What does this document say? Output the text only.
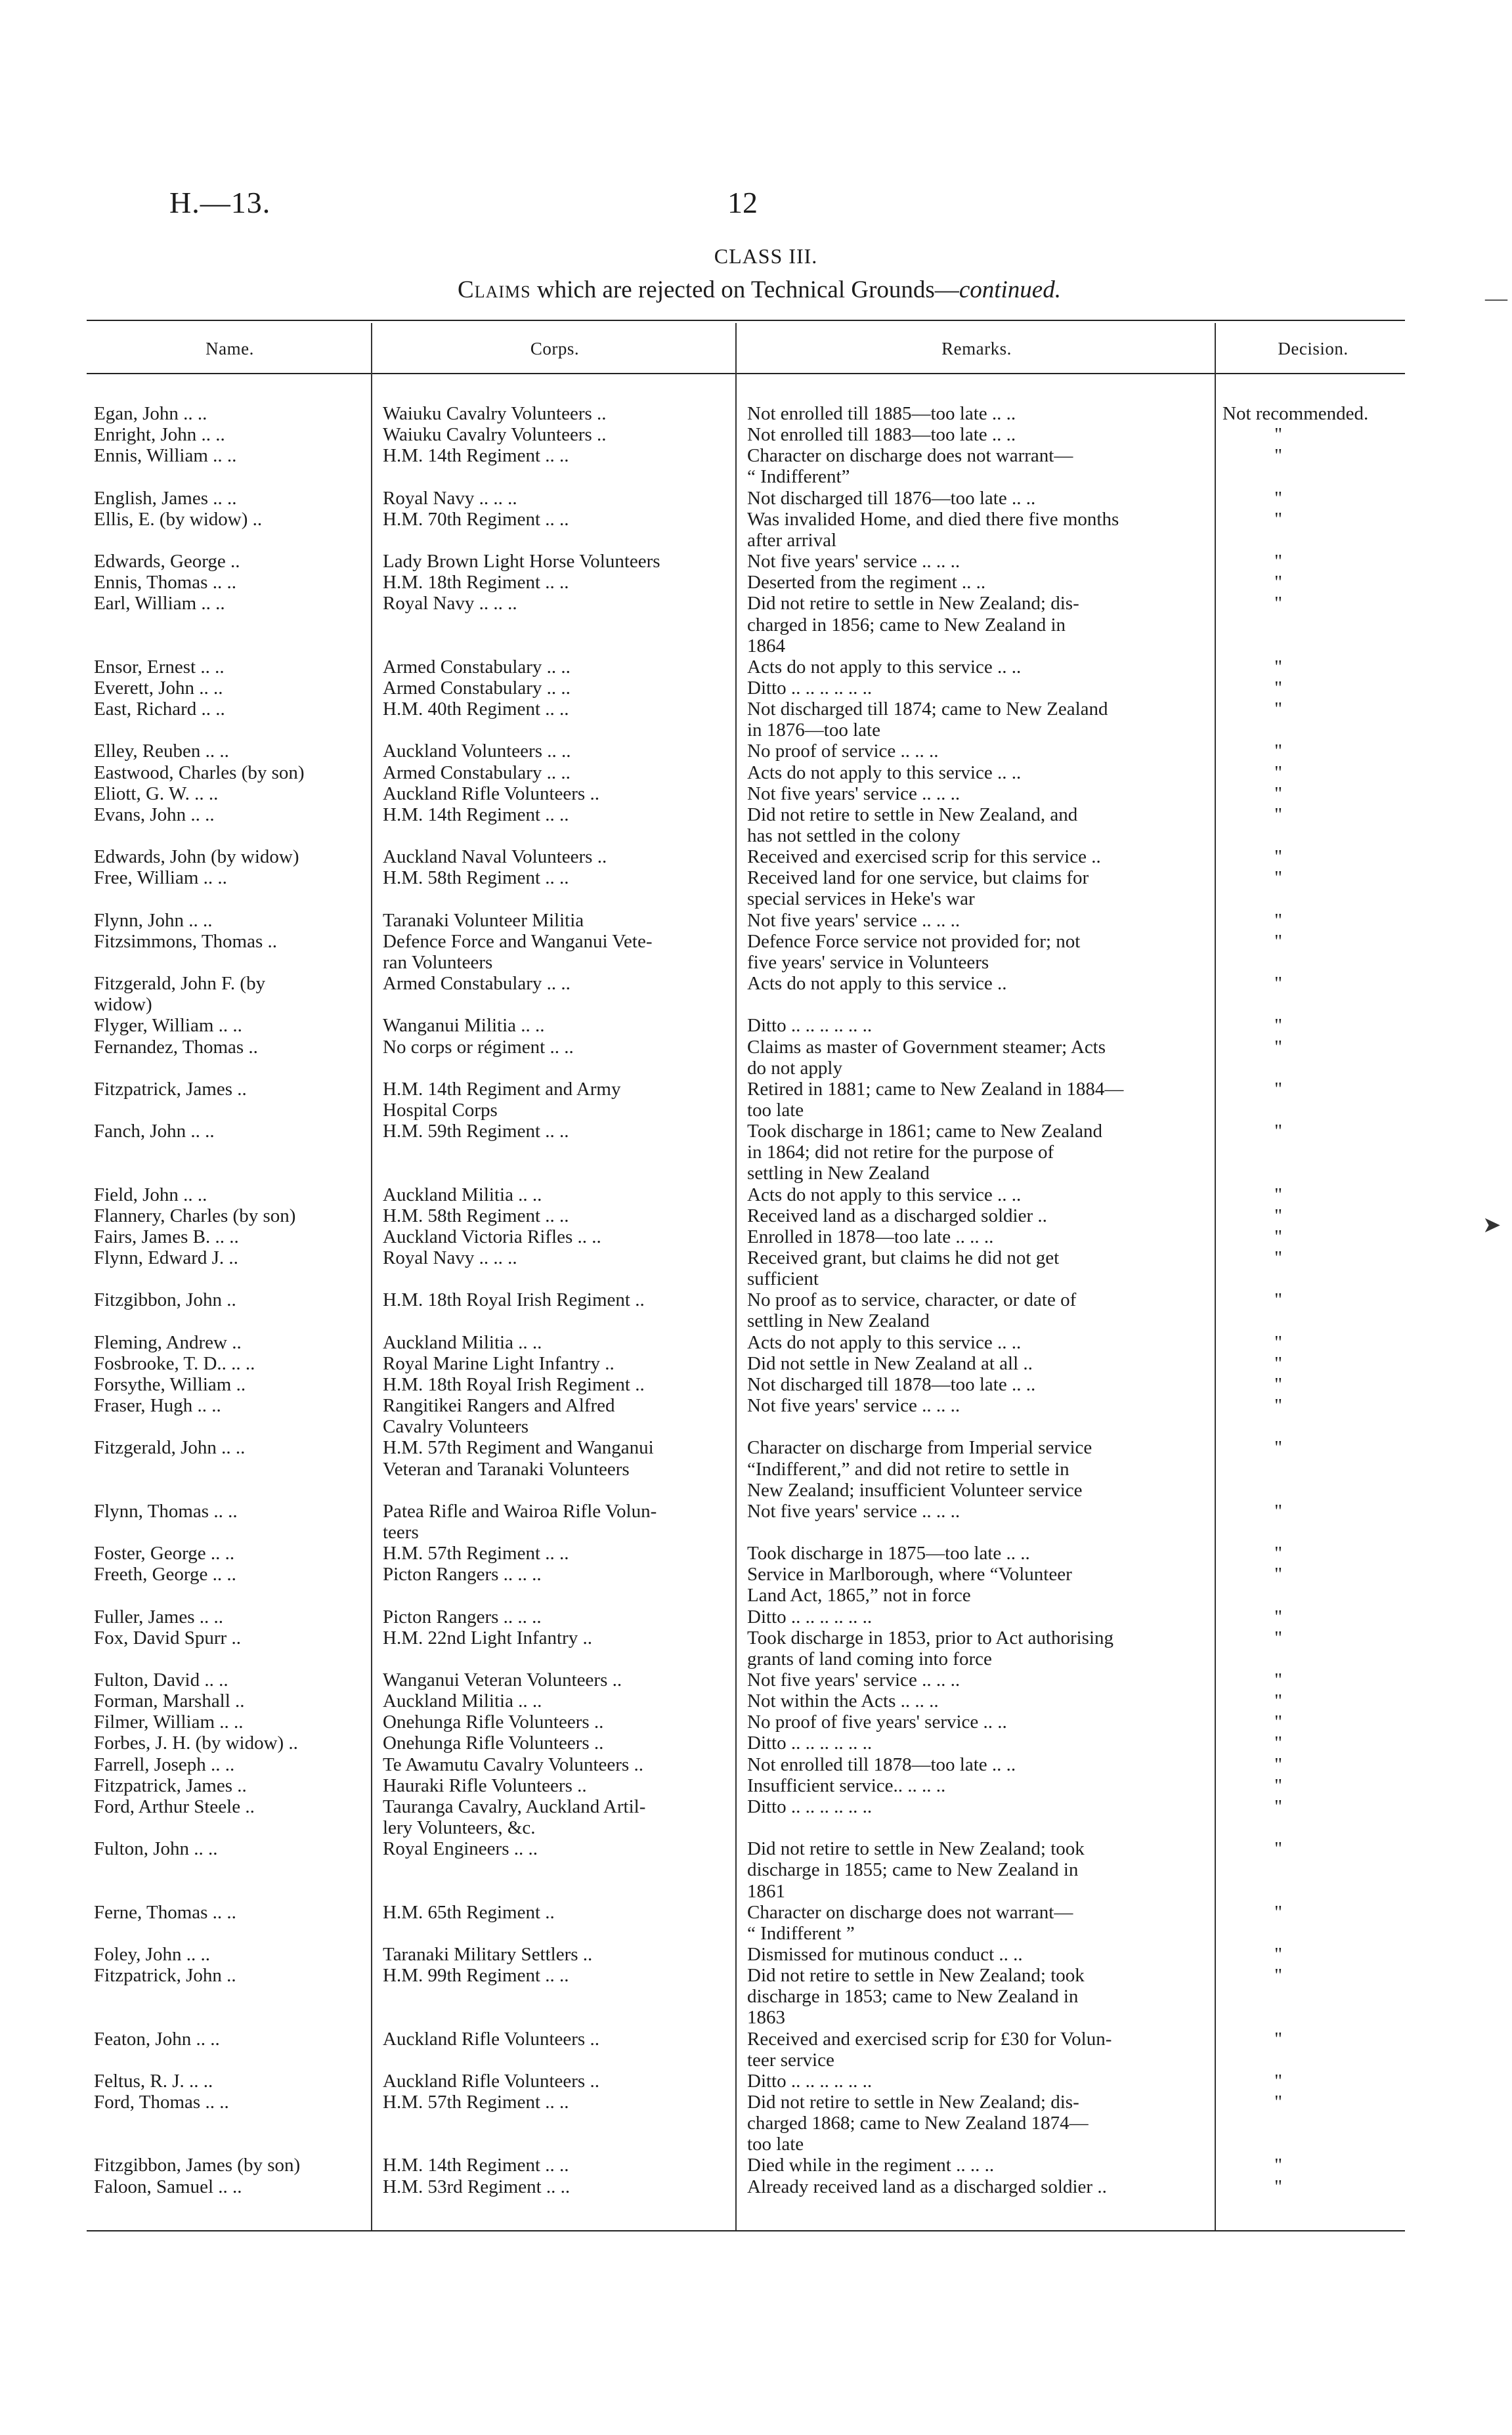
H.—13.	12
CLASS III.
Claims which are rejected on Technical Grounds—continued.
Name.	Corps.	Remarks.	Decision.
Egan, John .. ..	Waiuku Cavalry Volunteers ..	Not enrolled till 1885—too late .. ..	Not recommended.
Enright, John .. ..	Waiuku Cavalry Volunteers ..	Not enrolled till 1883—too late .. ..	"
Ennis, William .. ..	H.M. 14th Regiment .. ..	Character on discharge does not warrant—	"
“ Indifferent”
English, James .. ..	Royal Navy .. .. ..	Not discharged till 1876—too late .. ..	"
Ellis, E. (by widow) ..	H.M. 70th Regiment .. ..	Was invalided Home, and died there five months	"
after arrival
Edwards, George ..	Lady Brown Light Horse Volunteers	Not five years' service .. .. ..	"
Ennis, Thomas .. ..	H.M. 18th Regiment .. ..	Deserted from the regiment .. ..	"
Earl, William .. ..	Royal Navy .. .. ..	Did not retire to settle in New Zealand; dis-	"
charged in 1856; came to New Zealand in
1864
Ensor, Ernest .. ..	Armed Constabulary .. ..	Acts do not apply to this service .. ..	"
Everett, John .. ..	Armed Constabulary .. ..	Ditto .. .. .. .. .. ..	"
East, Richard .. ..	H.M. 40th Regiment .. ..	Not discharged till 1874; came to New Zealand	"
in 1876—too late
Elley, Reuben .. ..	Auckland Volunteers .. ..	No proof of service .. .. ..	"
Eastwood, Charles (by son)	Armed Constabulary .. ..	Acts do not apply to this service .. ..	"
Eliott, G. W. .. ..	Auckland Rifle Volunteers ..	Not five years' service .. .. ..	"
Evans, John .. ..	H.M. 14th Regiment .. ..	Did not retire to settle in New Zealand, and	"
has not settled in the colony
Edwards, John (by widow)	Auckland Naval Volunteers ..	Received and exercised scrip for this service ..	"
Free, William .. ..	H.M. 58th Regiment .. ..	Received land for one service, but claims for	"
special services in Heke's war
Flynn, John .. ..	Taranaki Volunteer Militia	Not five years' service .. .. ..	"
Fitzsimmons, Thomas ..	Defence Force and Wanganui Vete-	Defence Force service not provided for; not	"
ran Volunteers	five years' service in Volunteers
Fitzgerald, John F. (by	Armed Constabulary .. ..	Acts do not apply to this service ..	"
widow)
Flyger, William .. ..	Wanganui Militia .. ..	Ditto .. .. .. .. .. ..	"
Fernandez, Thomas ..	No corps or régiment .. ..	Claims as master of Government steamer; Acts	"
do not apply
Fitzpatrick, James ..	H.M. 14th Regiment and Army	Retired in 1881; came to New Zealand in 1884—	"
Hospital Corps	too late
Fanch, John .. ..	H.M. 59th Regiment .. ..	Took discharge in 1861; came to New Zealand	"
in 1864; did not retire for the purpose of
settling in New Zealand
Field, John .. ..	Auckland Militia .. ..	Acts do not apply to this service .. ..	"
Flannery, Charles (by son)	H.M. 58th Regiment .. ..	Received land as a discharged soldier ..	"
Fairs, James B. .. ..	Auckland Victoria Rifles .. ..	Enrolled in 1878—too late .. .. ..	"
Flynn, Edward J. ..	Royal Navy .. .. ..	Received grant, but claims he did not get	"
sufficient
Fitzgibbon, John ..	H.M. 18th Royal Irish Regiment ..	No proof as to service, character, or date of	"
settling in New Zealand
Fleming, Andrew ..	Auckland Militia .. ..	Acts do not apply to this service .. ..	"
Fosbrooke, T. D.. .. ..	Royal Marine Light Infantry ..	Did not settle in New Zealand at all ..	"
Forsythe, William ..	H.M. 18th Royal Irish Regiment ..	Not discharged till 1878—too late .. ..	"
Fraser, Hugh .. ..	Rangitikei Rangers and Alfred	Not five years' service .. .. ..	"
Cavalry Volunteers
Fitzgerald, John .. ..	H.M. 57th Regiment and Wanganui	Character on discharge from Imperial service	"
Veteran and Taranaki Volunteers	“Indifferent,” and did not retire to settle in
New Zealand; insufficient Volunteer service
Flynn, Thomas .. ..	Patea Rifle and Wairoa Rifle Volun-	Not five years' service .. .. ..	"
teers
Foster, George .. ..	H.M. 57th Regiment .. ..	Took discharge in 1875—too late .. ..	"
Freeth, George .. ..	Picton Rangers .. .. ..	Service in Marlborough, where “Volunteer	"
Land Act, 1865,” not in force
Fuller, James .. ..	Picton Rangers .. .. ..	Ditto .. .. .. .. .. ..	"
Fox, David Spurr ..	H.M. 22nd Light Infantry ..	Took discharge in 1853, prior to Act authorising	"
grants of land coming into force
Fulton, David .. ..	Wanganui Veteran Volunteers ..	Not five years' service .. .. ..	"
Forman, Marshall ..	Auckland Militia .. ..	Not within the Acts .. .. ..	"
Filmer, William .. ..	Onehunga Rifle Volunteers ..	No proof of five years' service .. ..	"
Forbes, J. H. (by widow) ..	Onehunga Rifle Volunteers ..	Ditto .. .. .. .. .. ..	"
Farrell, Joseph .. ..	Te Awamutu Cavalry Volunteers ..	Not enrolled till 1878—too late .. ..	"
Fitzpatrick, James ..	Hauraki Rifle Volunteers ..	Insufficient service.. .. .. ..	"
Ford, Arthur Steele ..	Tauranga Cavalry, Auckland Artil-	Ditto .. .. .. .. .. ..	"
lery Volunteers, &c.
Fulton, John .. ..	Royal Engineers .. ..	Did not retire to settle in New Zealand; took	"
discharge in 1855; came to New Zealand in
1861
Ferne, Thomas .. ..	H.M. 65th Regiment ..	Character on discharge does not warrant—	"
“ Indifferent ”
Foley, John .. ..	Taranaki Military Settlers ..	Dismissed for mutinous conduct .. ..	"
Fitzpatrick, John ..	H.M. 99th Regiment .. ..	Did not retire to settle in New Zealand; took	"
discharge in 1853; came to New Zealand in
1863
Featon, John .. ..	Auckland Rifle Volunteers ..	Received and exercised scrip for £30 for Volun-	"
teer service
Feltus, R. J. .. ..	Auckland Rifle Volunteers ..	Ditto .. .. .. .. .. ..	"
Ford, Thomas .. ..	H.M. 57th Regiment .. ..	Did not retire to settle in New Zealand; dis-	"
charged 1868; came to New Zealand 1874—
too late
Fitzgibbon, James (by son)	H.M. 14th Regiment .. ..	Died while in the regiment .. .. ..	"
Faloon, Samuel .. ..	H.M. 53rd Regiment .. ..	Already received land as a discharged soldier ..	"
—
➤
